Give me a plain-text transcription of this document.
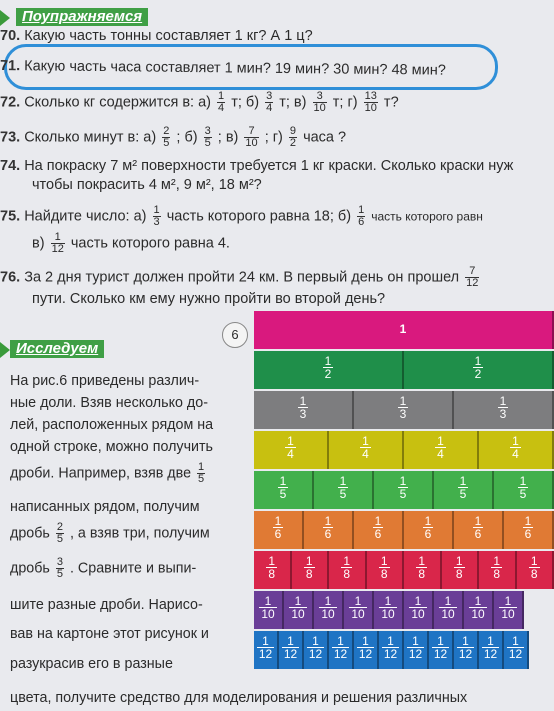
Поупражняемся
70. Какую часть тонны составляет 1 кг? А 1 ц?
71. Какую часть часа составляет 1 мин? 19 мин? 30 мин? 48 мин?
72. Сколько кг содержится в: $а) \frac{1}{4} т$; $б) \frac{3}{4} т$; $в) \frac{3}{10} т$; $г) \frac{13}{10} т$?
73. Сколько минут в: $а) \frac{2}{5}$ ; $б) \frac{3}{5}$ ; $в) \frac{7}{10}$ ; $г) \frac{9}{2}$ часа ?
74. На покраску 7 м² поверхности требуется 1 кг краски. Сколько краски нуж
чтобы покрасить 4 м², 9 м², 18 м²?
75. Найдите число: $а) \frac{1}{3}$ часть которого равна 18; $б) \frac{1}{6}$ часть которого равн
$в) \frac{1}{12}$ часть которого равна 4.
76. За 2 дня турист должен пройти 24 км. В первый день он прошел $\frac{7}{12}$
пути. Сколько км ему нужно пройти во второй день?
Исследуем
6
На рис.6 приведены различ-
ные доли. Взяв несколько до-
лей, расположенных рядом на
одной строке, можно получить
дроби. Например, взяв две $\frac{1}{5}$
написанных рядом, получим
дробь $\frac{2}{5}$ , а взяв три, получим
дробь $\frac{3}{5}$ . Сравните и выпи-
шите разные дроби. Нарисо-
вав на картоне этот рисунок и
разукрасив его в разные
цвета, получите средство для моделирования и решения различных
1
1
2
1
2
1
3
1
3
1
3
1
4
1
4
1
4
1
4
1
5
1
5
1
5
1
5
1
5
1
6
1
6
1
6
1
6
1
6
1
6
1
8
1
8
1
8
1
8
1
8
1
8
1
8
1
8
1
10
1
10
1
10
1
10
1
10
1
10
1
10
1
10
1
10
1
12
1
12
1
12
1
12
1
12
1
12
1
12
1
12
1
12
1
12
1
12
